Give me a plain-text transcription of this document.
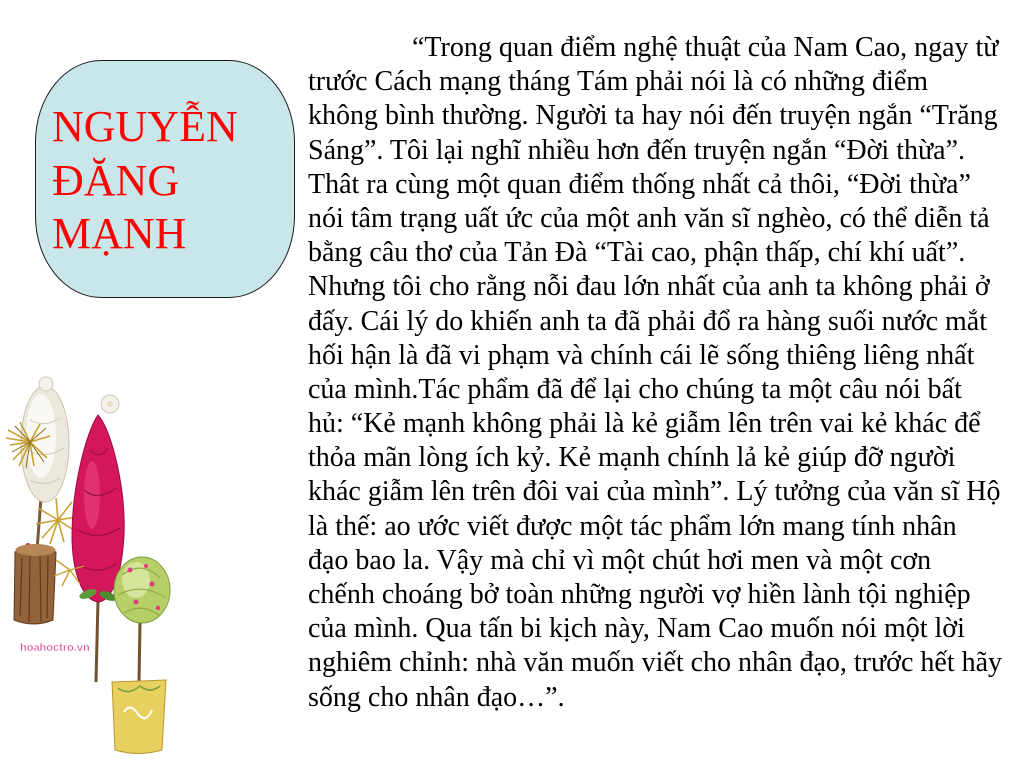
NGUYỄN
ĐĂNG
MẠNH
“Trong quan điểm nghệ thuật của Nam Cao, ngay từ
trước Cách mạng tháng Tám phải nói là có những điểm
không bình thường. Người ta hay nói đến truyện ngắn “Trăng
Sáng”. Tôi lại nghĩ nhiều hơn đến truyện ngắn “Đời thừa”.
Thât ra cùng một quan điểm thống nhất cả thôi, “Đời thừa”
nói tâm trạng uất ức của một anh văn sĩ nghèo, có thể diễn tả
bằng câu thơ của Tản Đà “Tài cao, phận thấp, chí khí uất”.
Nhưng tôi cho rằng nỗi đau lớn nhất của anh ta không phải ở
đấy. Cái lý do khiến anh ta đã phải đổ ra hàng suối nước mắt
hối hận là đã vi phạm và chính cái lẽ sống thiêng liêng nhất
của mình.Tác phẩm đã để lại cho chúng ta một câu nói bất
hủ: “Kẻ mạnh không phải là kẻ giẫm lên trên vai kẻ khác để
thỏa mãn lòng ích kỷ. Kẻ mạnh chính lả kẻ giúp đỡ người
khác giẫm lên trên đôi vai của mình”. Lý tưởng của văn sĩ Hộ
là thế: ao ước viết được một tác phẩm lớn mang tính nhân
đạo bao la. Vậy mà chỉ vì một chút hơi men và một cơn
chếnh choáng bở toàn những người vợ hiền lành tội nghiệp
của mình. Qua tấn bi kịch này, Nam Cao muốn nói một lời
nghiêm chỉnh: nhà văn muốn viết cho nhân đạo, trước hết hãy
sống cho nhân đạo…”.
hoahoctro.vn
